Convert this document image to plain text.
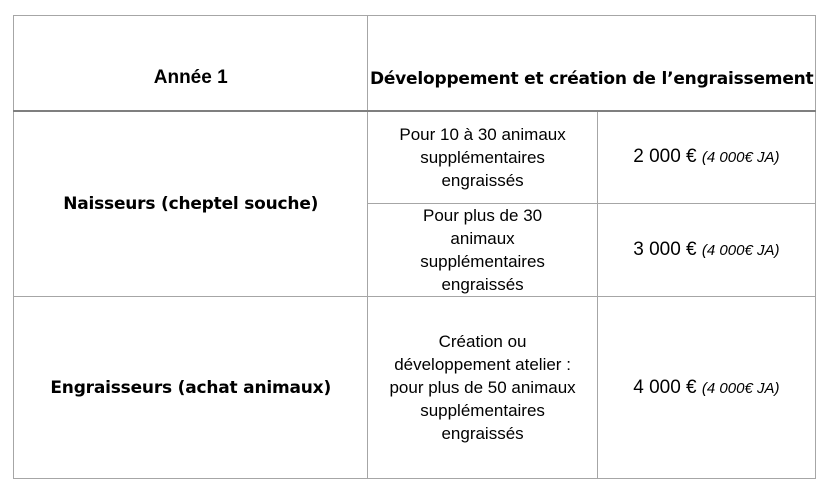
Année 1	Développement et création de l’engraissement	
Naisseurs (cheptel souche)	Pour 10 à 30 animaux supplémentaires engraissés	2 000 € (4 000€ JA)

	Pour plus de 30 animaux supplémentaires engraissés	3 000 € (4 000€ JA)
Engraisseurs (achat animaux)	Création ou développement atelier : pour plus de 50 animaux supplémentaires engraissés	4 000 € (4 000€ JA)
